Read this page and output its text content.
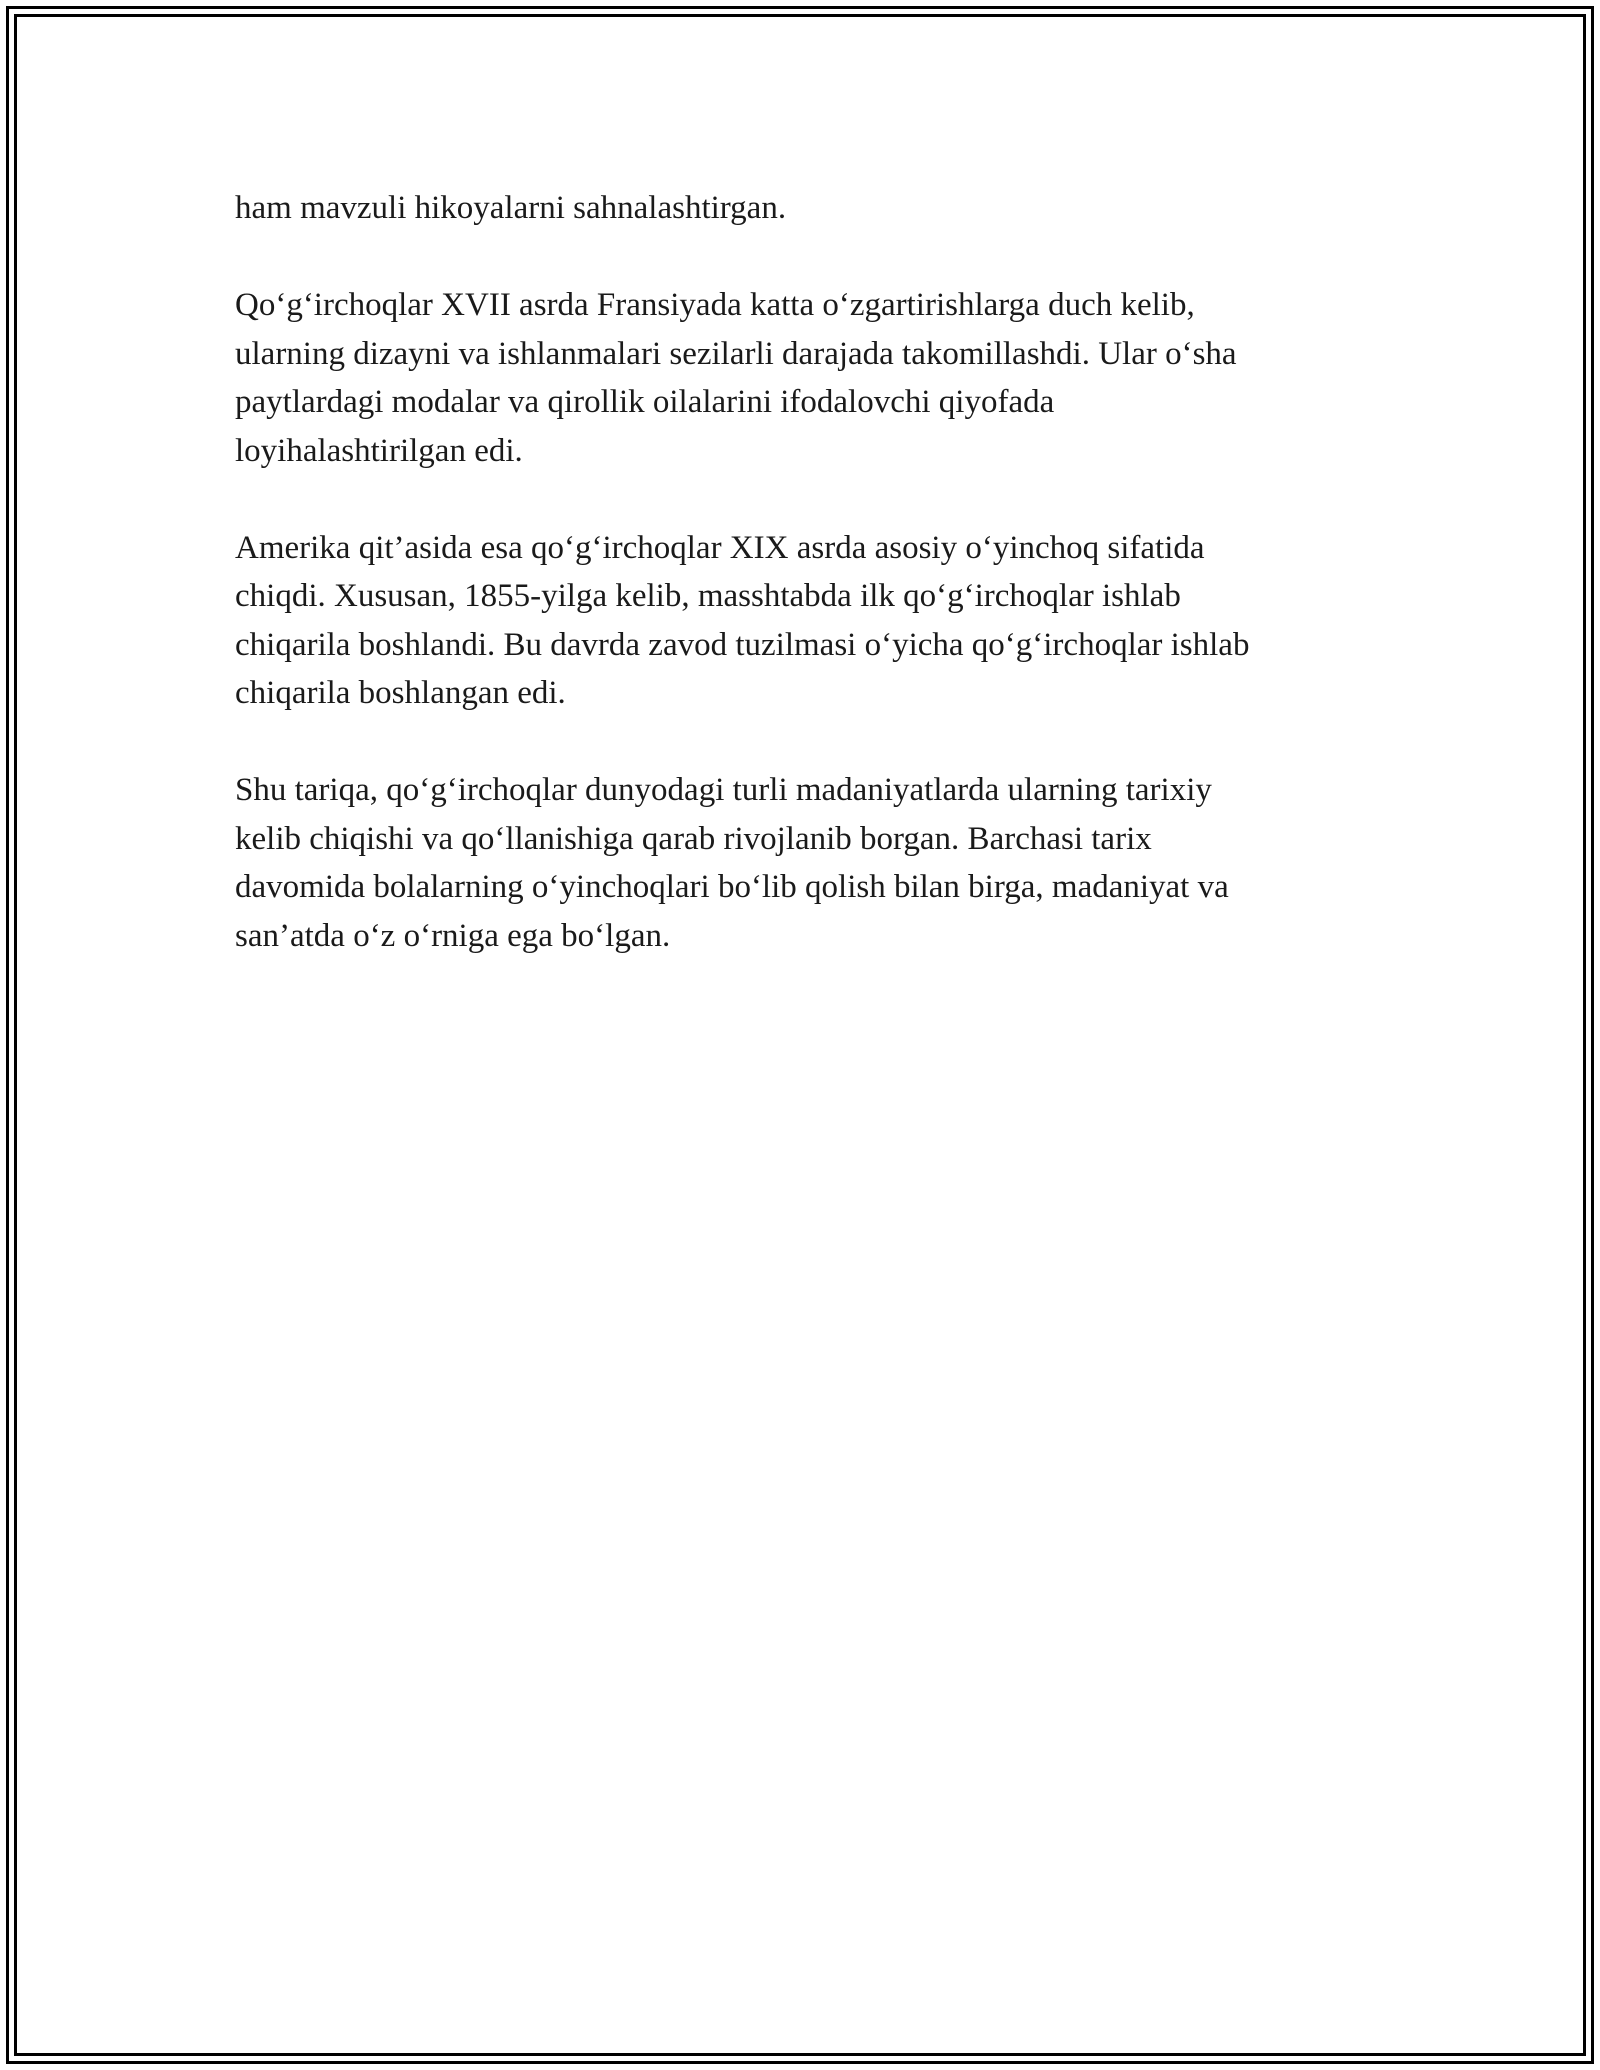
ham mavzuli hikoyalarni sahnalashtirgan.

Qo‘g‘irchoqlar XVII asrda Fransiyada katta o‘zgartirishlarga duch kelib,
ularning dizayni va ishlanmalari sezilarli darajada takomillashdi. Ular o‘sha
paytlardagi modalar va qirollik oilalarini ifodalovchi qiyofada
loyihalashtirilgan edi.

Amerika qit’asida esa qo‘g‘irchoqlar XIX asrda asosiy o‘yinchoq sifatida
chiqdi. Xususan, 1855-yilga kelib, masshtabda ilk qo‘g‘irchoqlar ishlab
chiqarila boshlandi. Bu davrda zavod tuzilmasi o‘yicha qo‘g‘irchoqlar ishlab
chiqarila boshlangan edi.

Shu tariqa, qo‘g‘irchoqlar dunyodagi turli madaniyatlarda ularning tarixiy
kelib chiqishi va qo‘llanishiga qarab rivojlanib borgan. Barchasi tarix
davomida bolalarning o‘yinchoqlari bo‘lib qolish bilan birga, madaniyat va
san’atda o‘z o‘rniga ega bo‘lgan.
